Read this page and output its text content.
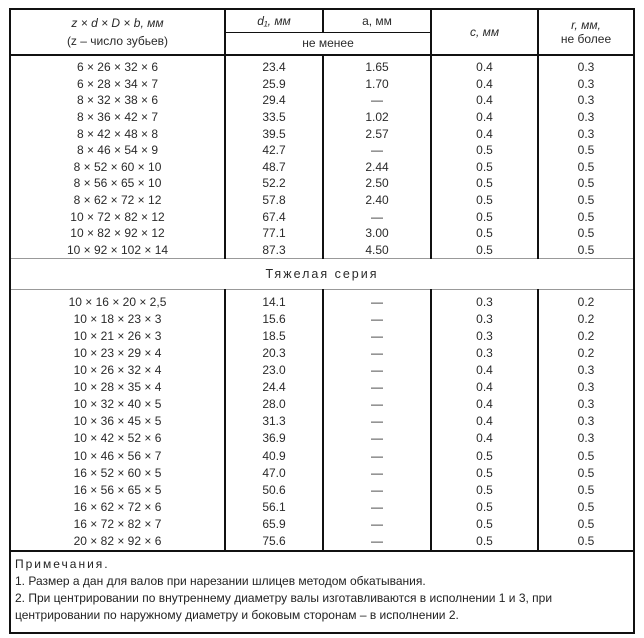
z × d × D × b, мм	d₁, мм	a, мм	c, мм	r, мм,
не более
(z – число зубьев)	не менее			
6 × 26 × 32 × 6	23.4	1.65	0.4	0.3
6 × 28 × 34 × 7	25.9	1.70	0.4	0.3
8 × 32 × 38 × 6	29.4	—	0.4	0.3
8 × 36 × 42 × 7	33.5	1.02	0.4	0.3
8 × 42 × 48 × 8	39.5	2.57	0.4	0.3
8 × 46 × 54 × 9	42.7	—	0.5	0.5
8 × 52 × 60 × 10	48.7	2.44	0.5	0.5
8 × 56 × 65 × 10	52.2	2.50	0.5	0.5
8 × 62 × 72 × 12	57.8	2.40	0.5	0.5
10 × 72 × 82 × 12	67.4	—	0.5	0.5
10 × 82 × 92 × 12	77.1	3.00	0.5	0.5
10 × 92 × 102 × 14	87.3	4.50	0.5	0.5
Тяжелая серия				
10 × 16 × 20 × 2,5	14.1	—	0.3	0.2
10 × 18 × 23 × 3	15.6	—	0.3	0.2
10 × 21 × 26 × 3	18.5	—	0.3	0.2
10 × 23 × 29 × 4	20.3	—	0.3	0.2
10 × 26 × 32 × 4	23.0	—	0.4	0.3
10 × 28 × 35 × 4	24.4	—	0.4	0.3
10 × 32 × 40 × 5	28.0	—	0.4	0.3
10 × 36 × 45 × 5	31.3	—	0.4	0.3
10 × 42 × 52 × 6	36.9	—	0.4	0.3
10 × 46 × 56 × 7	40.9	—	0.5	0.5
16 × 52 × 60 × 5	47.0	—	0.5	0.5
16 × 56 × 65 × 5	50.6	—	0.5	0.5
16 × 62 × 72 × 6	56.1	—	0.5	0.5
16 × 72 × 82 × 7	65.9	—	0.5	0.5
20 × 82 × 92 × 6	75.6	—	0.5	0.5
Примечания.
1. Размер a дан для валов при нарезании шлицев методом обкатывания.
2. При центрировании по внутреннему диаметру валы изготавливаются в исполнении 1 и 3, при центрировании по наружному диаметру и боковым сторонам – в исполнении 2.
